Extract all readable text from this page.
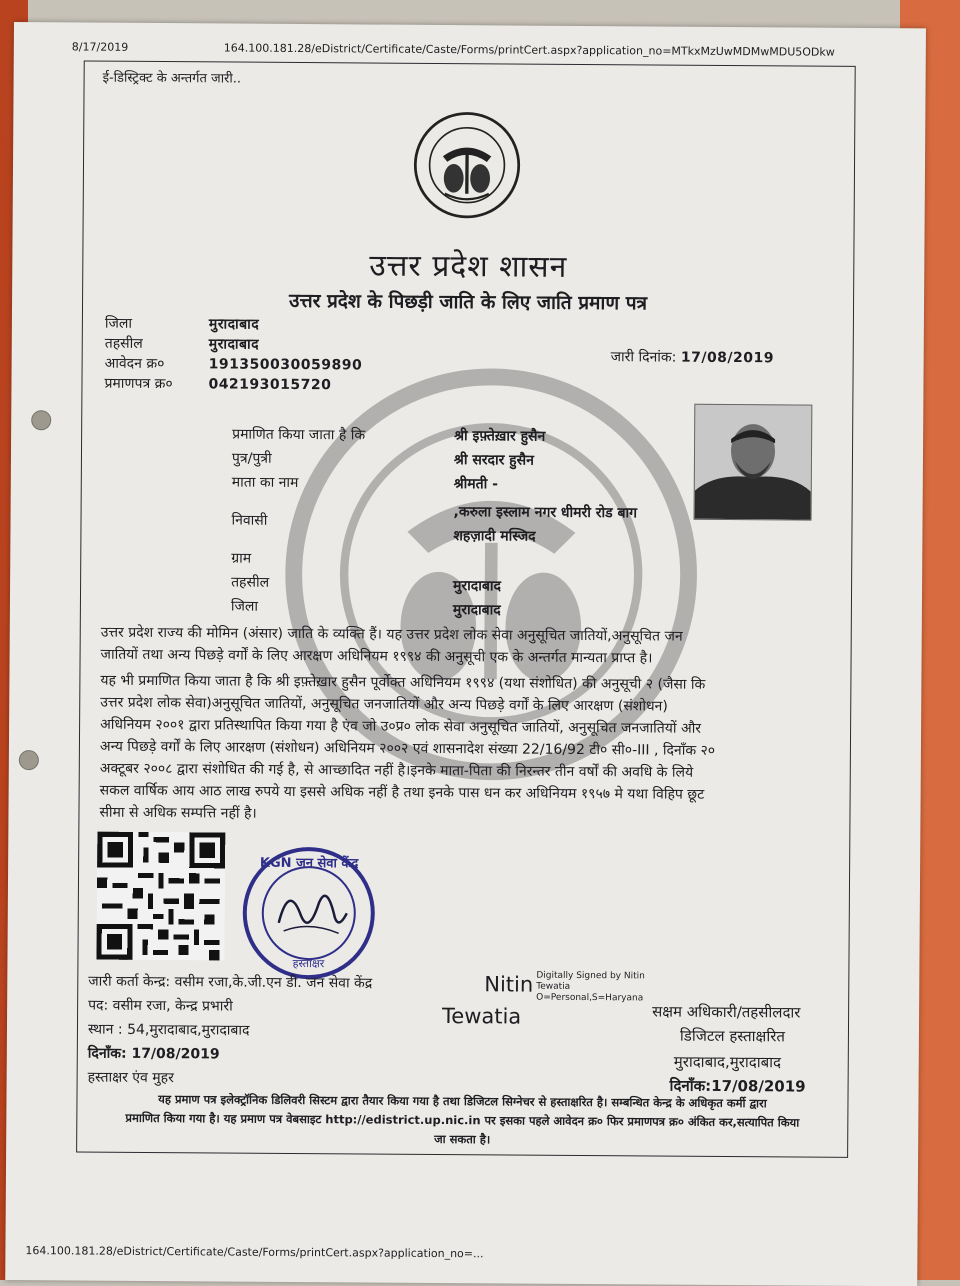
8/17/2019	164.100.181.28/eDistrict/Certificate/Caste/Forms/printCert.aspx?application_no=MTkxMzUwMDMwMDU5ODkw
ई-डिस्ट्रिक्ट के अन्तर्गत जारी..
उत्तर प्रदेश शासन
उत्तर प्रदेश के पिछड़ी जाति के लिए जाति प्रमाण पत्र
जिला	मुरादाबाद
तहसील	मुरादाबाद
आवेदन क्र०	191350030059890
प्रमाणपत्र क्र०	042193015720
जारी दिनांक: 17/08/2019
प्रमाणित किया जाता है कि	श्री इफ़्तेख़ार हुसैन
पुत्र/पुत्री	श्री सरदार हुसैन
माता का नाम	श्रीमती -
निवासी	,करुला इस्लाम नगर धीमरी रोड बाग
शहज़ादी मस्जिद
ग्राम
तहसील	मुरादाबाद
जिला	मुरादाबाद
उत्तर प्रदेश राज्य की मोमिन (अंसार) जाति के व्यक्ति हैं। यह उत्तर प्रदेश लोक सेवा अनुसूचित जातियों,अनुसूचित जन
जातियों तथा अन्य पिछड़े वर्गों के लिए आरक्षण अधिनियम १९९४ की अनुसूची एक के अन्तर्गत मान्यता प्राप्त है।
यह भी प्रमाणित किया जाता है कि श्री इफ़्तेख़ार हुसैन पूर्वोक्त अधिनियम १९९४ (यथा संशोधित) की अनुसूची २ (जैसा कि
उत्तर प्रदेश लोक सेवा)अनुसूचित जातियों, अनुसूचित जनजातियों और अन्य पिछड़े वर्गों के लिए आरक्षण (संशोधन)
अधिनियम २००१ द्वारा प्रतिस्थापित किया गया है एंव जो उ०प्र० लोक सेवा अनुसूचित जातियों, अनुसूचित जनजातियों और
अन्य पिछड़े वर्गों के लिए आरक्षण (संशोधन) अधिनियम २००२ एवं शासनादेश संख्या 22/16/92 टी० सी०-III , दिनाँक २०
अक्टूबर २००८ द्वारा संशोधित की गई है, से आच्छादित नहीं है।इनके माता-पिता की निरन्तर तीन वर्षों की अवधि के लिये
सकल वार्षिक आय आठ लाख रुपये या इससे अधिक नहीं है तथा इनके पास धन कर अधिनियम १९५७ मे यथा विहिप छूट
सीमा से अधिक सम्पत्ति नहीं है।
KGN जन सेवा केंद्र
हस्ताक्षर
जारी कर्ता केन्द्र: वसीम रजा,के.जी.एन डी. जन सेवा केंद्र
पद: वसीम रजा, केन्द्र प्रभारी
स्थान : 54,मुरादाबाद,मुरादाबाद
दिनाँक: 17/08/2019
हस्ताक्षर एंव मुहर
Nitin Digitally Signed by Nitin
Tewatia
O=Personal,S=Haryana
Tewatia	सक्षम अधिकारी/तहसीलदार
डिजिटल हस्ताक्षरित
मुरादाबाद,मुरादाबाद
दिनाँक:17/08/2019
यह प्रमाण पत्र इलेक्ट्रॉनिक डिलिवरी सिस्टम द्वारा तैयार किया गया है तथा डिजिटल सिग्नेचर से हस्ताक्षरित है। सम्बन्धित केन्द्र के अधिकृत कर्मी द्वारा
प्रमाणित किया गया है। यह प्रमाण पत्र वेबसाइट http://edistrict.up.nic.in पर इसका पहले आवेदन क्र० फिर प्रमाणपत्र क्र० अंकित कर,सत्यापित किया
जा सकता है।
164.100.181.28/eDistrict/Certificate/Caste/Forms/printCert.aspx?application_no=...
